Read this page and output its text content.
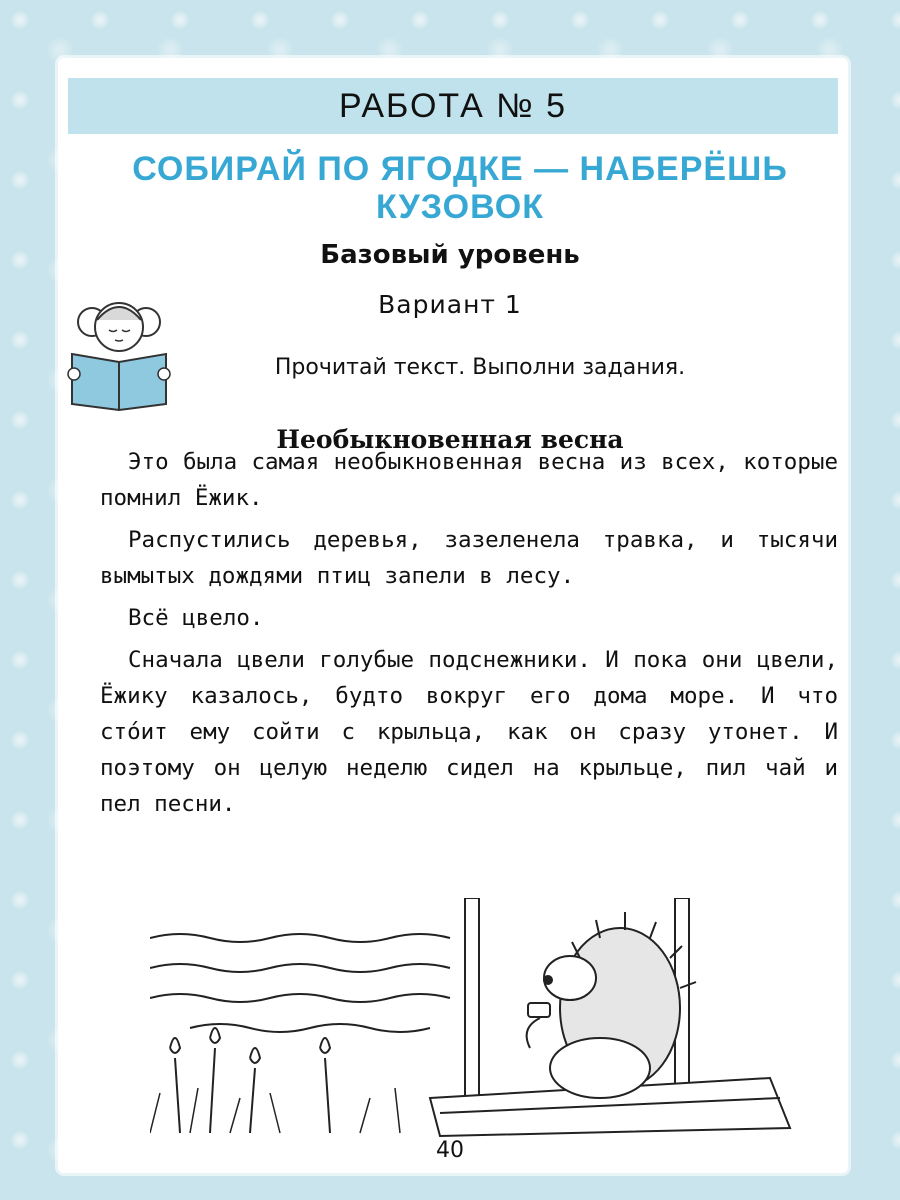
РАБОТА № 5
СОБИРАЙ ПО ЯГОДКЕ — НАБЕРЁШЬ
КУЗОВОК
Базовый уровень
Вариант 1
Прочитай текст. Выполни задания.
Необыкновенная весна

Это была самая необыкновенная весна из всех, которые помнил Ёжик.

Распустились деревья, зазеленела травка, и тысячи вымытых дождями птиц запели в лесу.

Всё цвело.

Сначала цвели голубые подснежники. И пока они цвели, Ёжику казалось, будто вокруг его дома море. И что стóит ему сойти с крыльца, как он сразу утонет. И поэтому он целую неделю сидел на крыльце, пил чай и пел песни.

40
